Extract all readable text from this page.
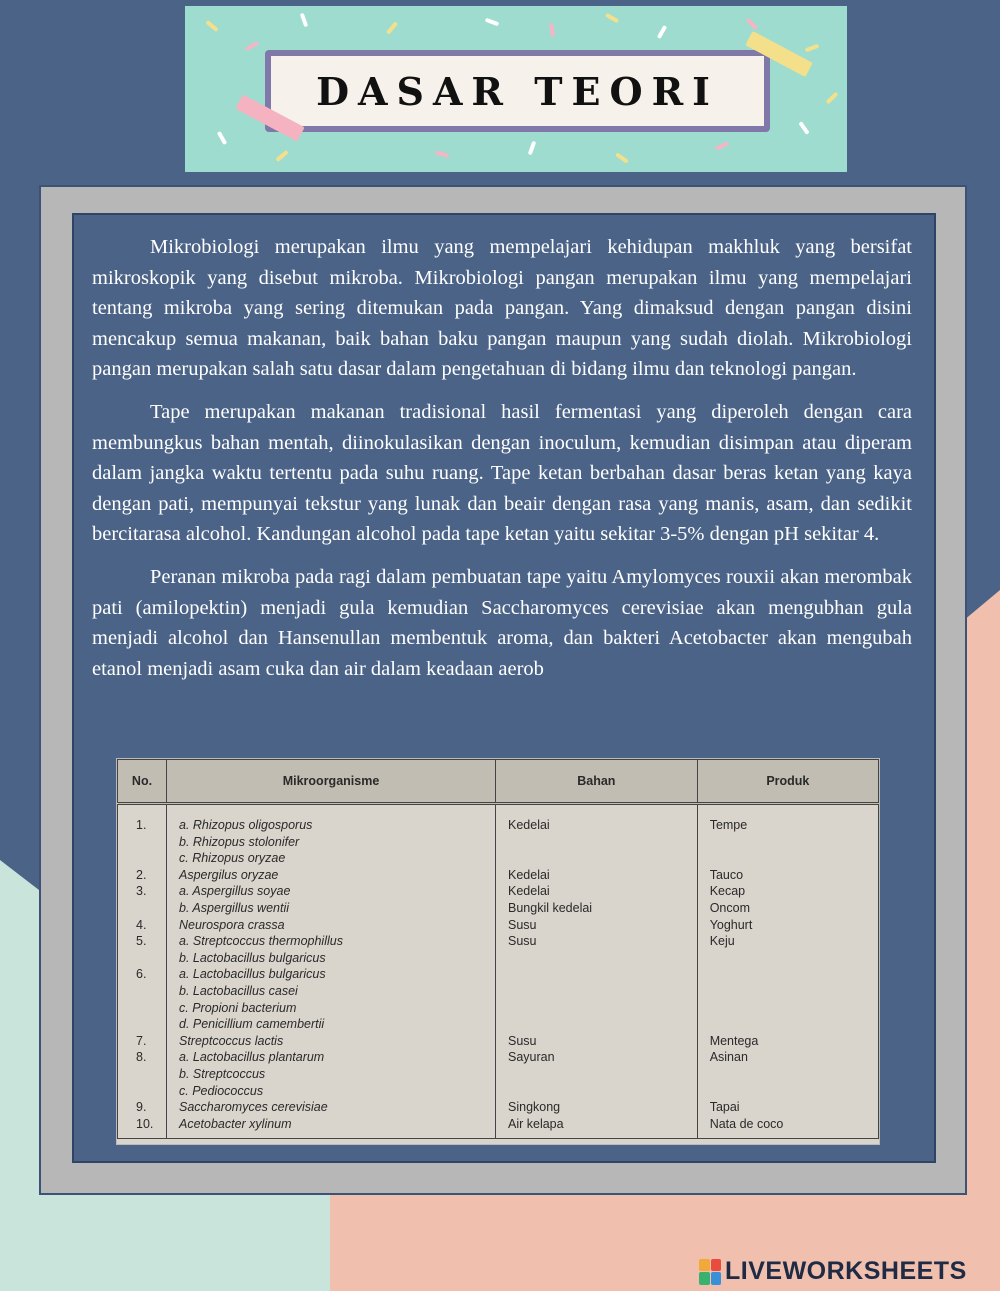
DASAR TEORI

Mikrobiologi merupakan ilmu yang mempelajari kehidupan makhluk yang bersifat mikroskopik yang disebut mikroba. Mikrobiologi pangan merupakan ilmu yang mempelajari tentang mikroba yang sering ditemukan pada pangan. Yang dimaksud dengan pangan disini mencakup semua makanan, baik bahan baku pangan maupun yang sudah diolah. Mikrobiologi pangan merupakan salah satu dasar dalam pengetahuan di bidang ilmu dan teknologi pangan.

Tape merupakan makanan tradisional hasil fermentasi yang diperoleh dengan cara membungkus bahan mentah, diinokulasikan dengan inoculum, kemudian disimpan atau diperam dalam jangka waktu tertentu pada suhu ruang. Tape ketan berbahan dasar beras ketan yang kaya dengan pati, mempunyai tekstur yang lunak dan beair dengan rasa yang manis, asam, dan sedikit bercitarasa alcohol. Kandungan alcohol pada tape ketan yaitu sekitar 3-5% dengan pH sekitar 4.

Peranan mikroba pada ragi dalam pembuatan tape yaitu Amylomyces rouxii akan merombak pati (amilopektin) menjadi gula kemudian Saccharomyces cerevisiae akan mengubhan gula menjadi alcohol dan Hansenullan membentuk aroma, dan bakteri Acetobacter akan mengubah etanol menjadi asam cuka dan air dalam keadaan aerob

No.	Mikroorganisme	Bahan	Produk
1.	a. Rhizopus oligosporus	Kedelai	Tempe
	b. Rhizopus stolonifer		
	c. Rhizopus oryzae		
2.	Aspergilus oryzae	Kedelai	Tauco
3.	a. Aspergillus soyae	Kedelai	Kecap
	b. Aspergillus wentii	Bungkil kedelai	Oncom
4.	Neurospora crassa	Susu	Yoghurt
5.	a. Streptcoccus thermophillus	Susu	Keju
	b. Lactobacillus bulgaricus		
6.	a. Lactobacillus bulgaricus		
	b. Lactobacillus casei		
	c. Propioni bacterium		
	d. Penicillium camembertii		
7.	Streptcoccus lactis	Susu	Mentega
8.	a. Lactobacillus plantarum	Sayuran	Asinan
	b. Streptcoccus		
	c. Pediococcus		
9.	Saccharomyces cerevisiae	Singkong	Tapai
10.	Acetobacter xylinum	Air kelapa	Nata de coco
LIVEWORKSHEETS
